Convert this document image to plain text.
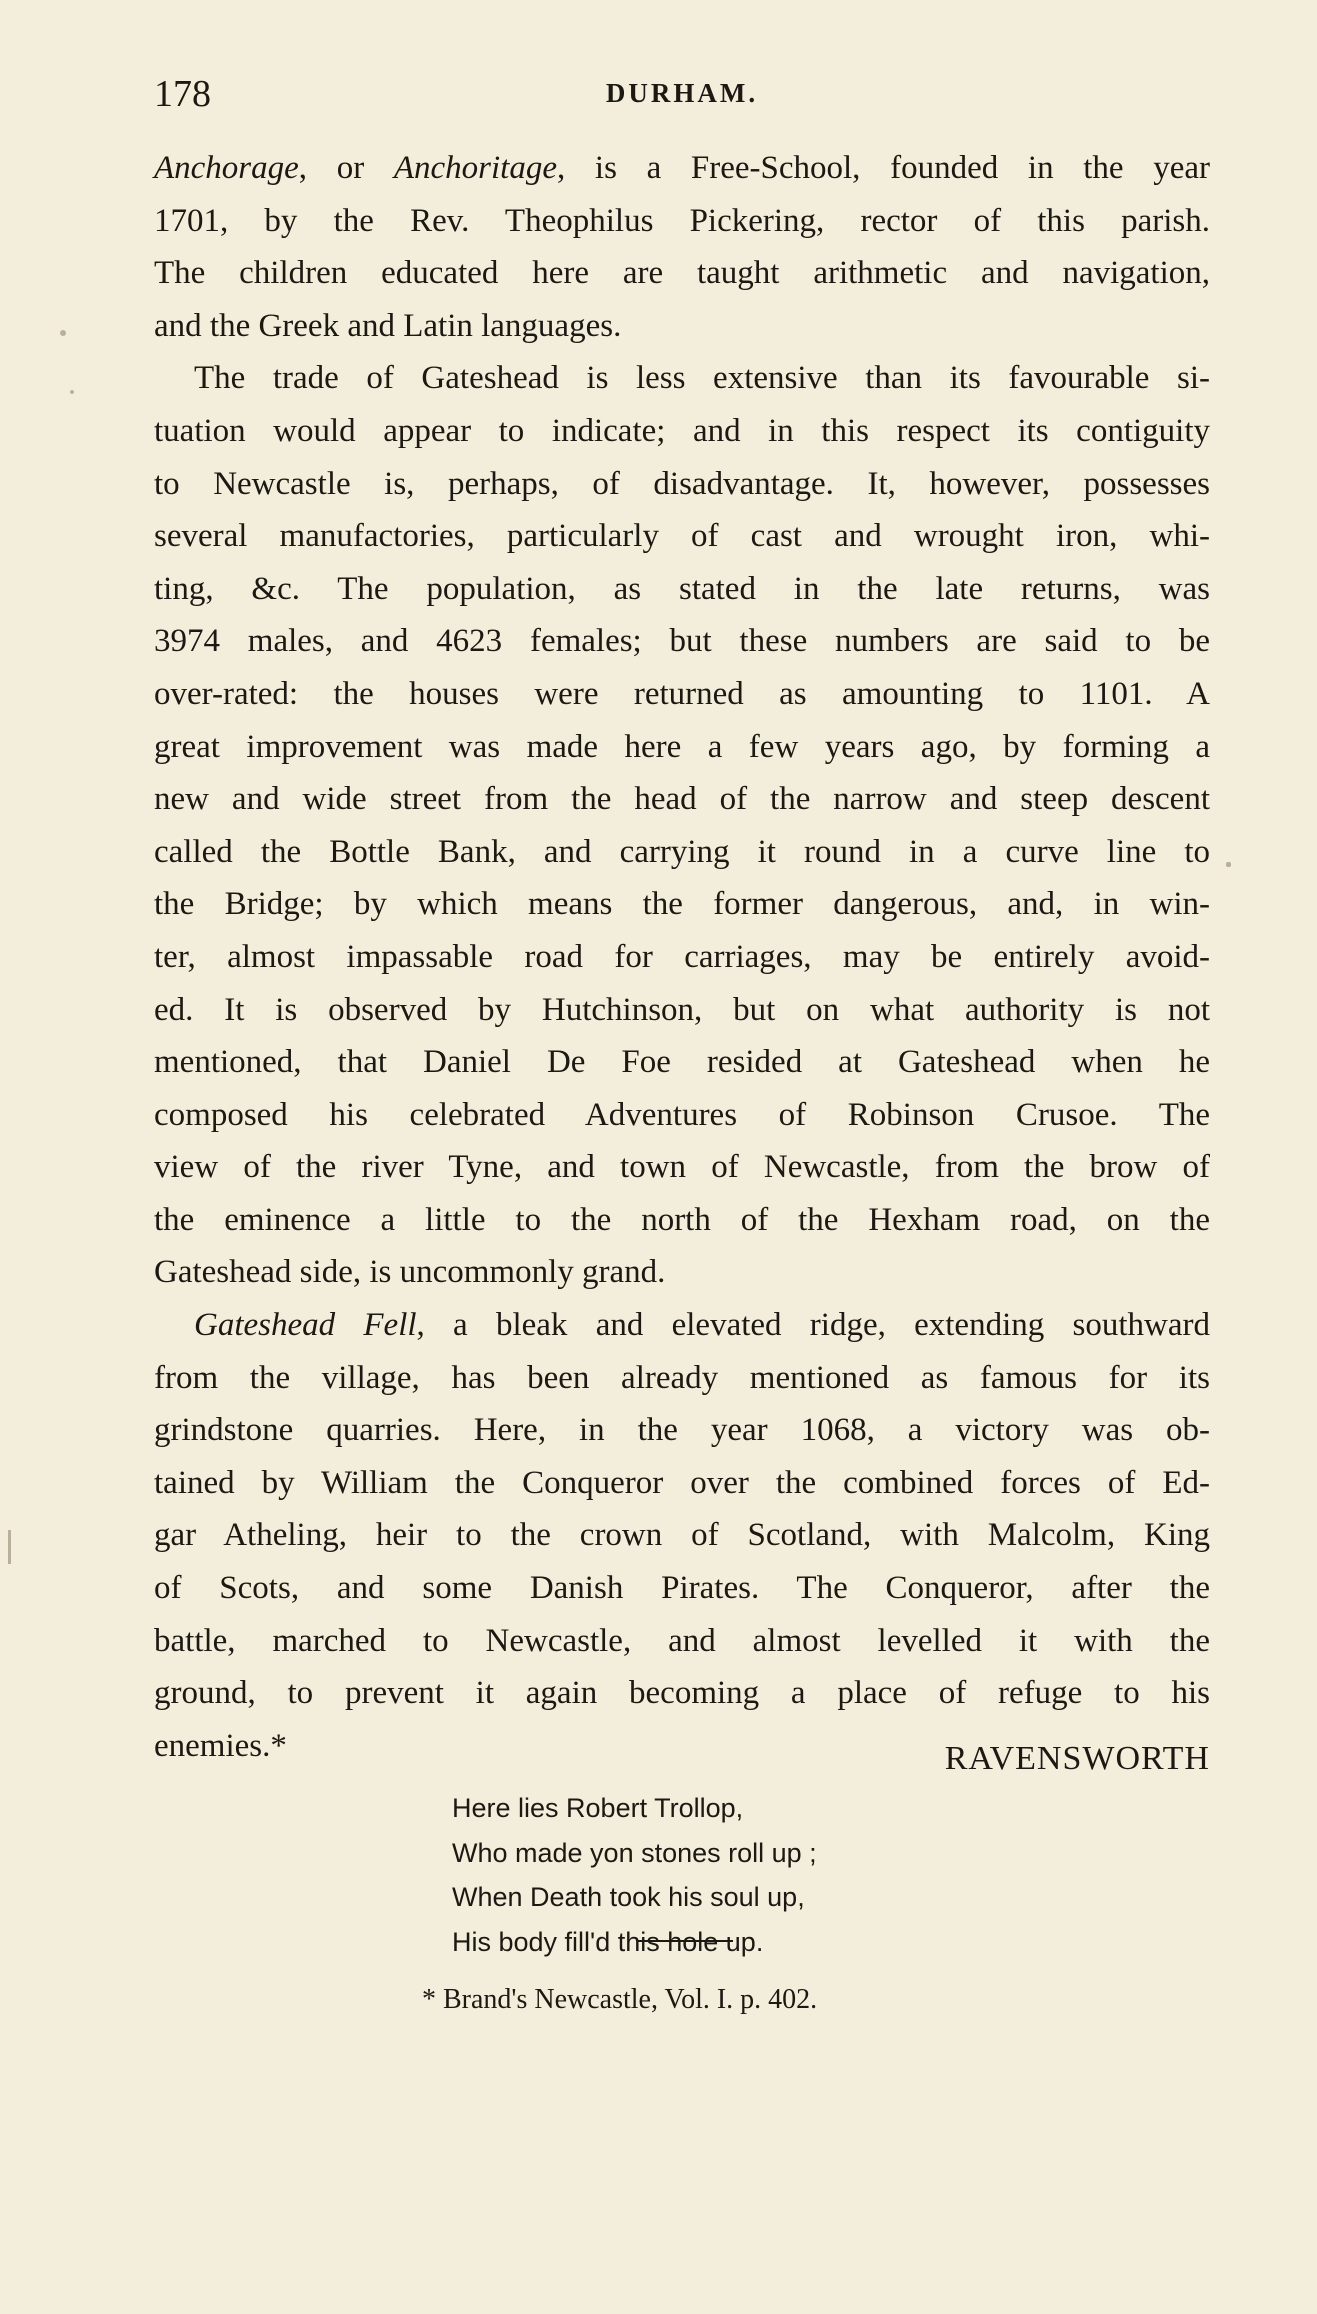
178	DURHAM.
Anchorage, or Anchoritage, is a Free-School, founded in the year
1701, by the Rev. Theophilus Pickering, rector of this parish.
The children educated here are taught arithmetic and navigation,
and the Greek and Latin languages.
The trade of Gateshead is less extensive than its favourable si-
tuation would appear to indicate; and in this respect its contiguity
to Newcastle is, perhaps, of disadvantage. It, however, possesses
several manufactories, particularly of cast and wrought iron, whi-
ting, &c. The population, as stated in the late returns, was
3974 males, and 4623 females; but these numbers are said to be
over-rated: the houses were returned as amounting to 1101. A
great improvement was made here a few years ago, by forming a
new and wide street from the head of the narrow and steep descent
called the Bottle Bank, and carrying it round in a curve line to
the Bridge; by which means the former dangerous, and, in win-
ter, almost impassable road for carriages, may be entirely avoid-
ed. It is observed by Hutchinson, but on what authority is not
mentioned, that Daniel De Foe resided at Gateshead when he
composed his celebrated Adventures of Robinson Crusoe. The
view of the river Tyne, and town of Newcastle, from the brow of
the eminence a little to the north of the Hexham road, on the
Gateshead side, is uncommonly grand.
Gateshead Fell, a bleak and elevated ridge, extending southward
from the village, has been already mentioned as famous for its
grindstone quarries. Here, in the year 1068, a victory was ob-
tained by William the Conqueror over the combined forces of Ed-
gar Atheling, heir to the crown of Scotland, with Malcolm, King
of Scots, and some Danish Pirates. The Conqueror, after the
battle, marched to Newcastle, and almost levelled it with the
ground, to prevent it again becoming a place of refuge to his
enemies.*	RAVENSWORTH
Here lies Robert Trollop,
Who made yon stones roll up ;
When Death took his soul up,
His body fill'd this hole up.
* Brand's Newcastle, Vol. I. p. 402.
